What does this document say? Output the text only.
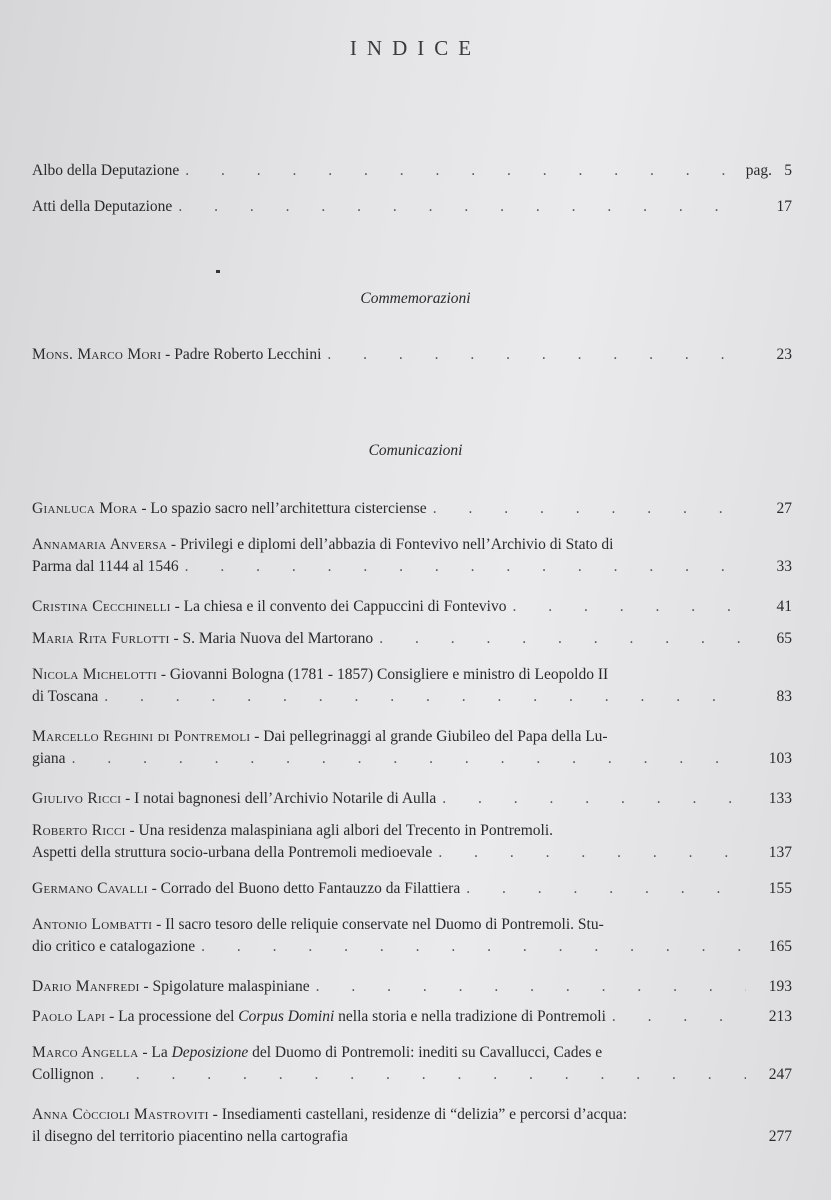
INDICE
Albo della Deputazione . . .	pag. 5
Atti della Deputazione . . .	17
Commemorazioni
Mons. Marco Mori - Padre Roberto Lecchini . . .	23
Comunicazioni
Gianluca Mora - Lo spazio sacro nell’architettura cisterciense . . .	27
Annamaria Anversa - Privilegi e diplomi dell’abbazia di Fontevivo nell’Archivio di Stato di
Parma dal 1144 al 1546 . . .	33
Cristina Cecchinelli - La chiesa e il convento dei Cappuccini di Fontevivo . . .	41
Maria Rita Furlotti - S. Maria Nuova del Martorano . . .	65
Nicola Michelotti - Giovanni Bologna (1781 - 1857) Consigliere e ministro di Leopoldo II
di Toscana . . .	83
Marcello Reghini di Pontremoli - Dai pellegrinaggi al grande Giubileo del Papa della Lu-
giana . . .	103
Giulivo Ricci - I notai bagnonesi dell’Archivio Notarile di Aulla . . .	133
Roberto Ricci - Una residenza malaspiniana agli albori del Trecento in Pontremoli.
Aspetti della struttura socio-urbana della Pontremoli medioevale . . .	137
Germano Cavalli - Corrado del Buono detto Fantauzzo da Filattiera . . .	155
Antonio Lombatti - Il sacro tesoro delle reliquie conservate nel Duomo di Pontremoli. Stu-
dio critico e catalogazione . . .	165
Dario Manfredi - Spigolature malaspiniane . . .	193
Paolo Lapi - La processione del Corpus Domini nella storia e nella tradizione di Pontremoli . . .	213
Marco Angella - La Deposizione del Duomo di Pontremoli: inediti su Cavallucci, Cades e
Collignon . . .	247
Anna Còccioli Mastroviti - Insediamenti castellani, residenze di “delizia” e percorsi d’acqua:
il disegno del territorio piacentino nella cartografia	277
